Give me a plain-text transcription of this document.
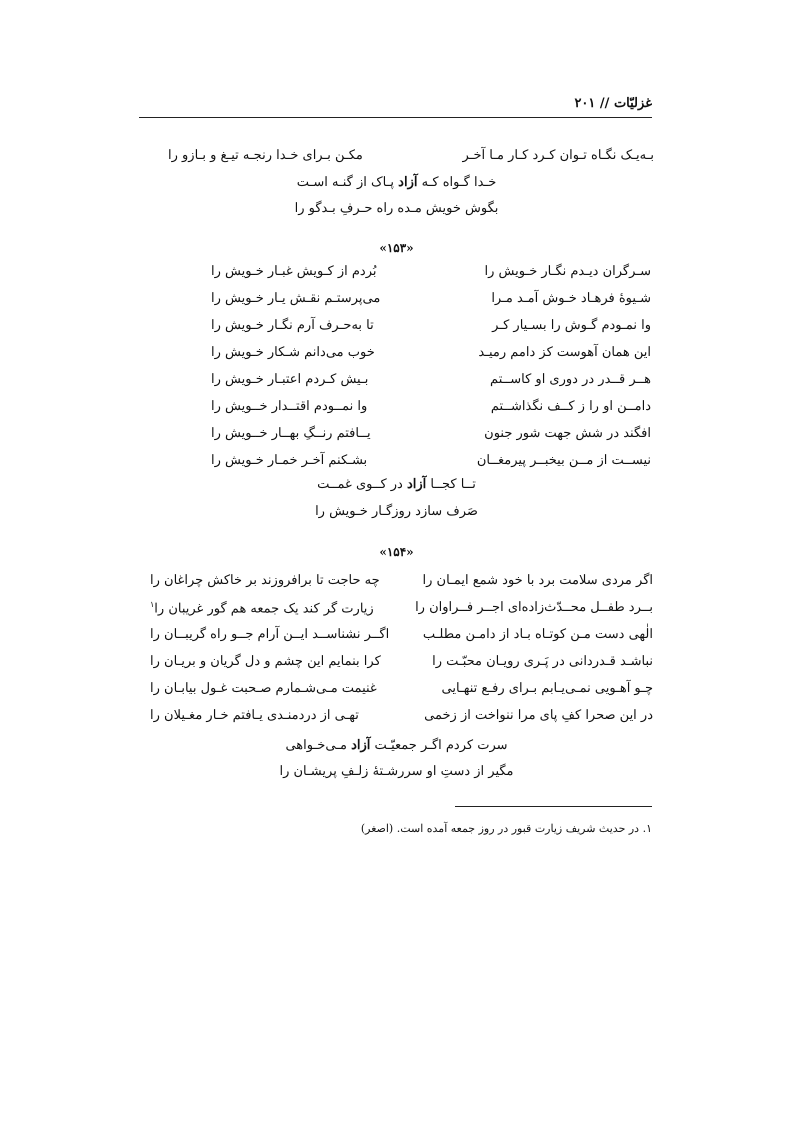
غزلیّات // ۲۰۱
بـه‌یـک نگـاه تـوان کـرد کـار مـا آخـر
مکـن بـرای خـدا رنجـه تیـغ و بـازو را
خـدا گـواه کـه آزاد پـاک از گنـه اسـت
بگوش خویش مـده راه حـرفِ بـدگو را
«۱۵۳»
سـرگران دیـدم نگـار خـویش را
بُردم از کـویش غبـار خـویش را
شـیوۀ فرهـاد خـوش آمـد مـرا
می‌پرستـم نقـش یـار خـویش را
وا نمـودم گـوش را بسـیار کـر
تا به‌حـرف آرم نگـار خـویش را
این همان آهوست کز دامم رمیـد
خوب می‌دانم شـکار خـویش را
هــر قــدر در دوری او کاســتم
بـیش کـردم اعتبـار خـویش را
دامــن او را ز کــف نگذاشــتم
وا نمــودم اقتــدار خــویش را
افگند در شش جهت شور جنون
یــافتم رنــگِ بهــار خــویش را
نیســت از مــن بیخبــر پیرمغــان
بشـکنم آخـر خمـار خـویش را
تــا کجــا آزاد در کــوی غمــت
صَرف سازد روزگـار خـویش را
«۱۵۴»
اگر مردی سلامت برد با خود شمع ایمـان را
چه حاجت تا برافروزند بر خاکش چراغان را
بــرد طفــل محــدّث‌زاده‌ای اجــر فــراوان را
زیارت گر کند یک جمعه هم گور غریبان را$^۱$
الٰهی دست مـن کوتـاه بـاد از دامـن مطلـب
اگــر نشناســد ایــن آرام جــو راه گریبــان را
نباشـد قـدردانی در پَـری رویـان محبّـت را
کرا بنمایم این چشم و دل گریان و بریـان را
چـو آهـویی نمـی‌یـابم بـرای رفـع تنهـایی
غنیمت مـی‌شـمارم صـحبت غـول بیابـان را
در این صحرا کفِ پای مرا ننواخت از زخمی
تهـی از دردمنـدی یـافتم خـار مغـیلان را
سرت کردم اگـر جمعیّـت آزاد مـی‌خـواهی
مگیر از دستِ او سررشـتۀ زلـفِ پریشـان را
۱. در حدیث شریف زیارت قبور در روز جمعه آمده است. (اصغر)
